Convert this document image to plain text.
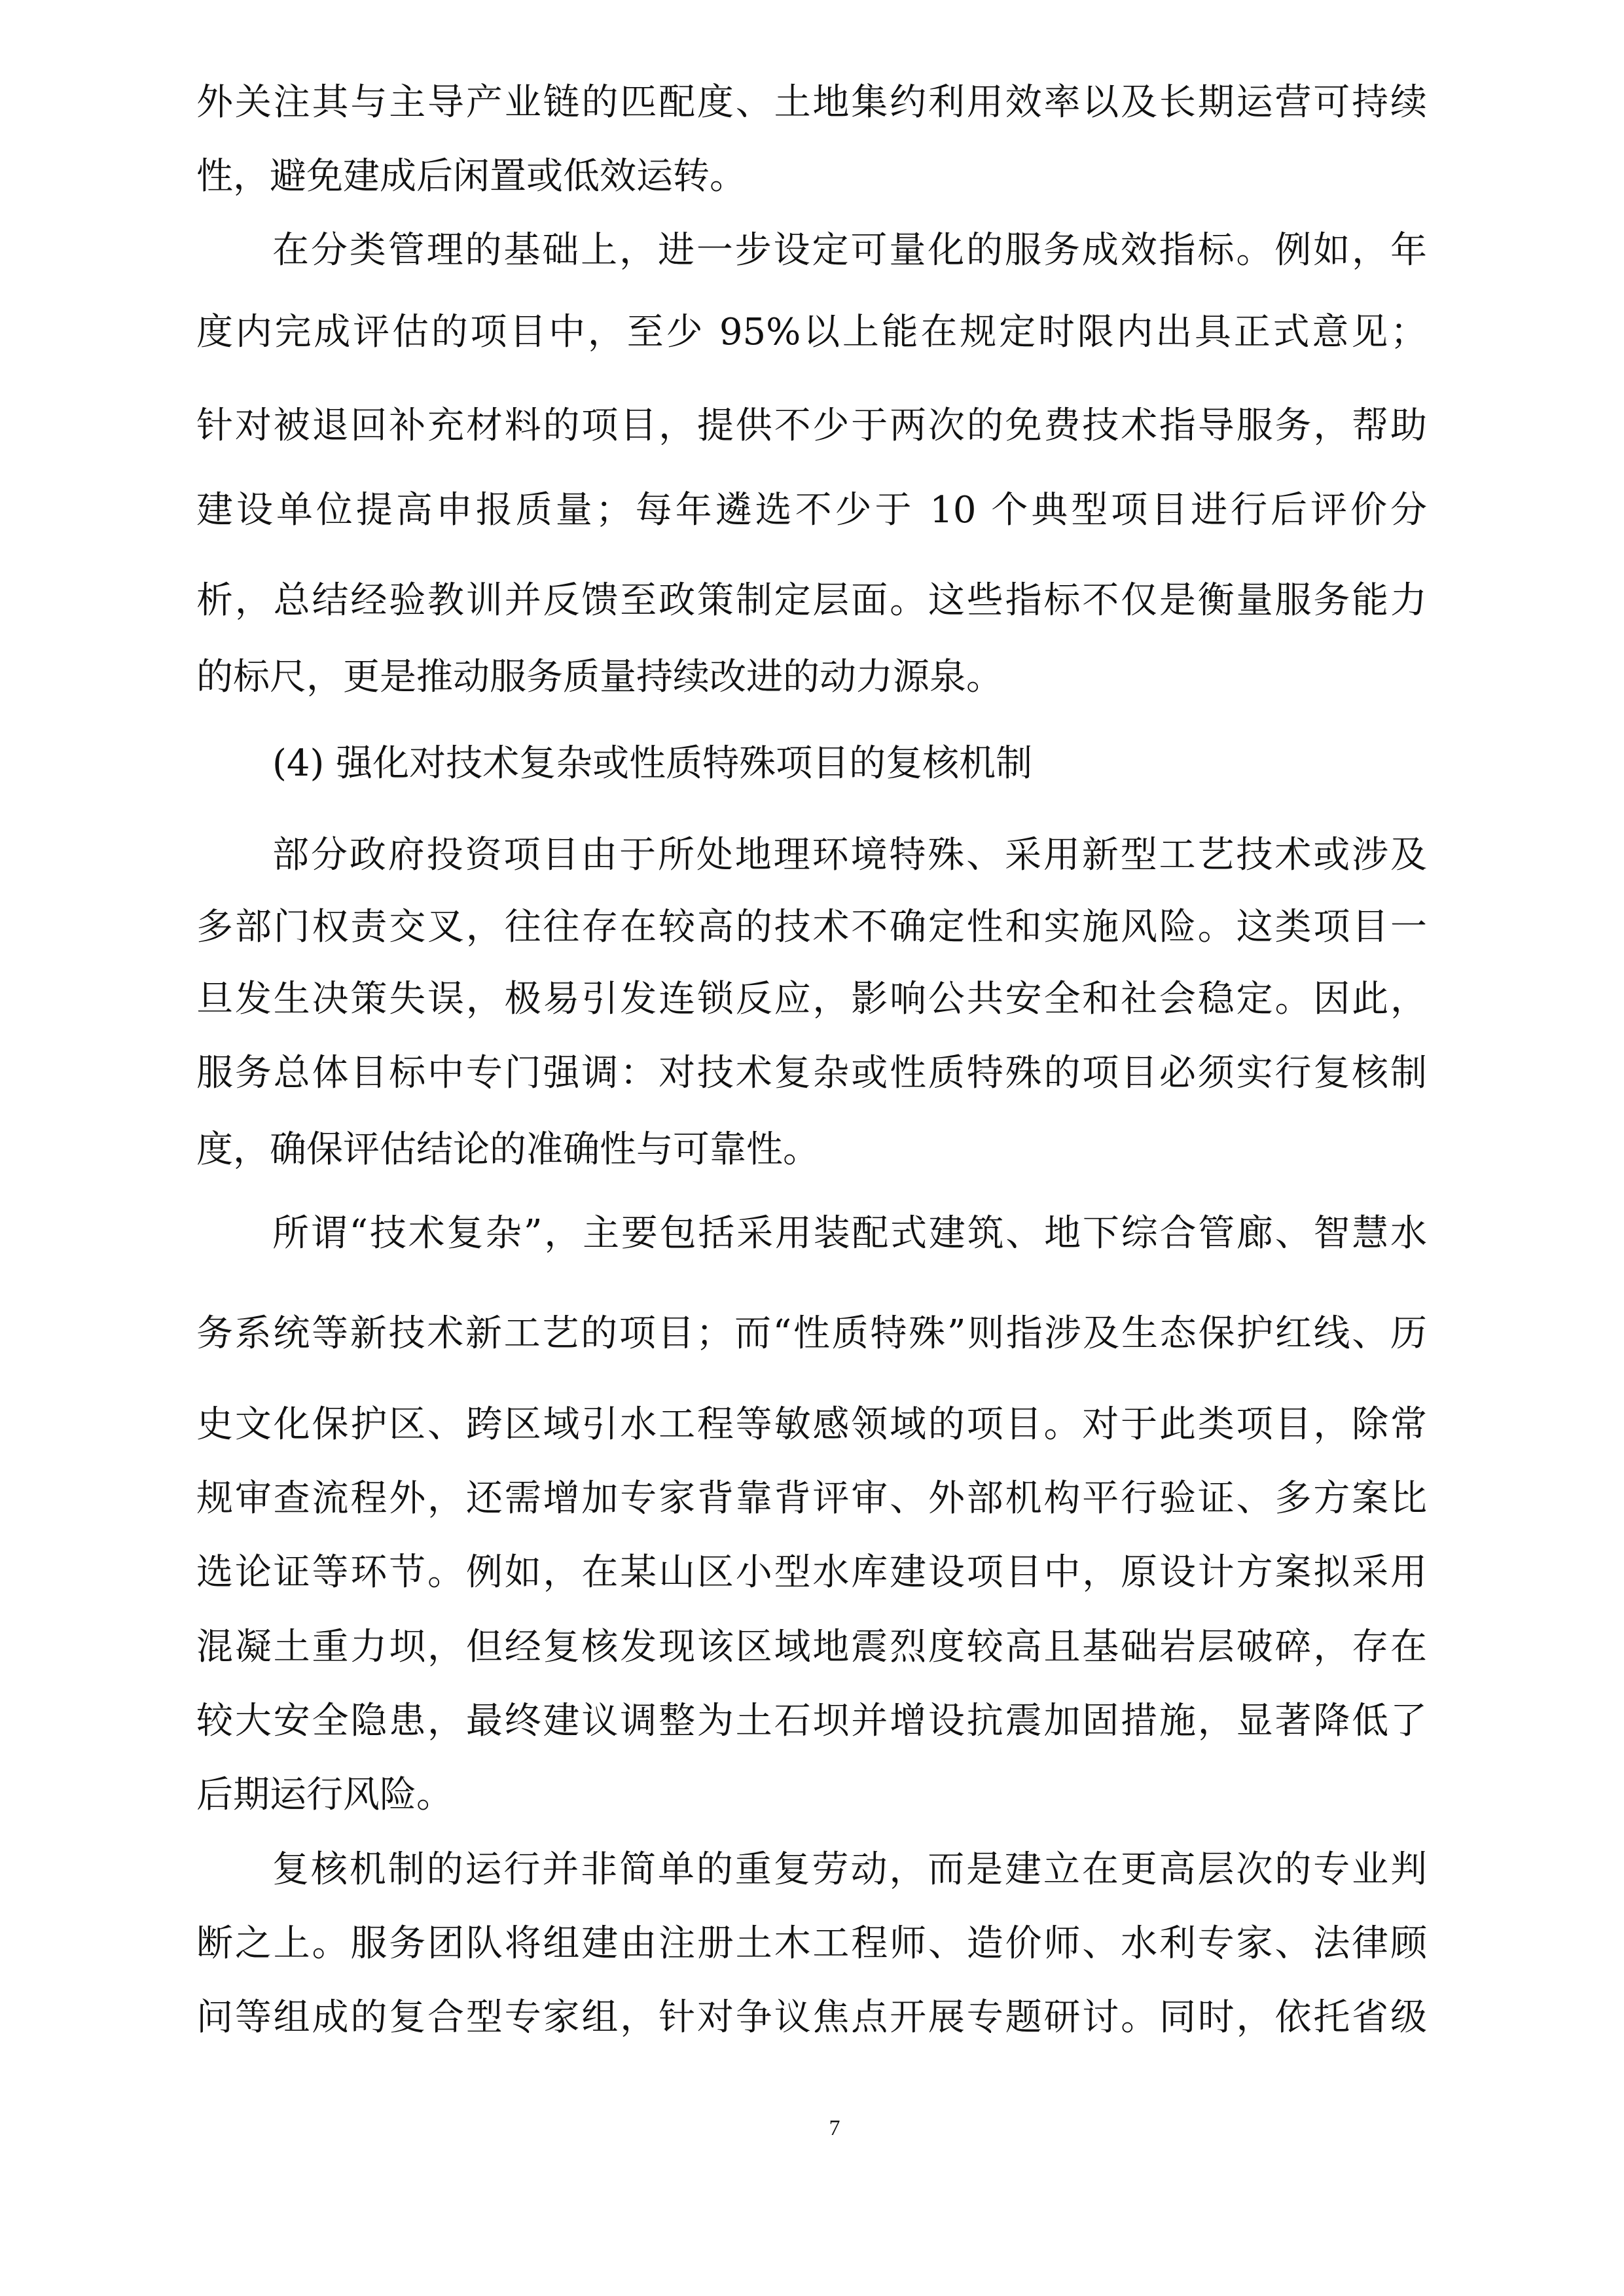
外关注其与主导产业链的匹配度、土地集约利用效率以及长期运营可持续
性，避免建成后闲置或低效运转。
在分类管理的基础上，进一步设定可量化的服务成效指标。例如，年
度内完成评估的项目中，至少 95%以上能在规定时限内出具正式意见；
针对被退回补充材料的项目，提供不少于两次的免费技术指导服务，帮助
建设单位提高申报质量；每年遴选不少于 10 个典型项目进行后评价分
析，总结经验教训并反馈至政策制定层面。这些指标不仅是衡量服务能力
的标尺，更是推动服务质量持续改进的动力源泉。
(4) 强化对技术复杂或性质特殊项目的复核机制
部分政府投资项目由于所处地理环境特殊、采用新型工艺技术或涉及
多部门权责交叉，往往存在较高的技术不确定性和实施风险。这类项目一
旦发生决策失误，极易引发连锁反应，影响公共安全和社会稳定。因此，
服务总体目标中专门强调：对技术复杂或性质特殊的项目必须实行复核制
度，确保评估结论的准确性与可靠性。
所谓“技术复杂”，主要包括采用装配式建筑、地下综合管廊、智慧水
务系统等新技术新工艺的项目；而“性质特殊”则指涉及生态保护红线、历
史文化保护区、跨区域引水工程等敏感领域的项目。对于此类项目，除常
规审查流程外，还需增加专家背靠背评审、外部机构平行验证、多方案比
选论证等环节。例如，在某山区小型水库建设项目中，原设计方案拟采用
混凝土重力坝，但经复核发现该区域地震烈度较高且基础岩层破碎，存在
较大安全隐患，最终建议调整为土石坝并增设抗震加固措施，显著降低了
后期运行风险。
复核机制的运行并非简单的重复劳动，而是建立在更高层次的专业判
断之上。服务团队将组建由注册土木工程师、造价师、水利专家、法律顾
问等组成的复合型专家组，针对争议焦点开展专题研讨。同时，依托省级
7
